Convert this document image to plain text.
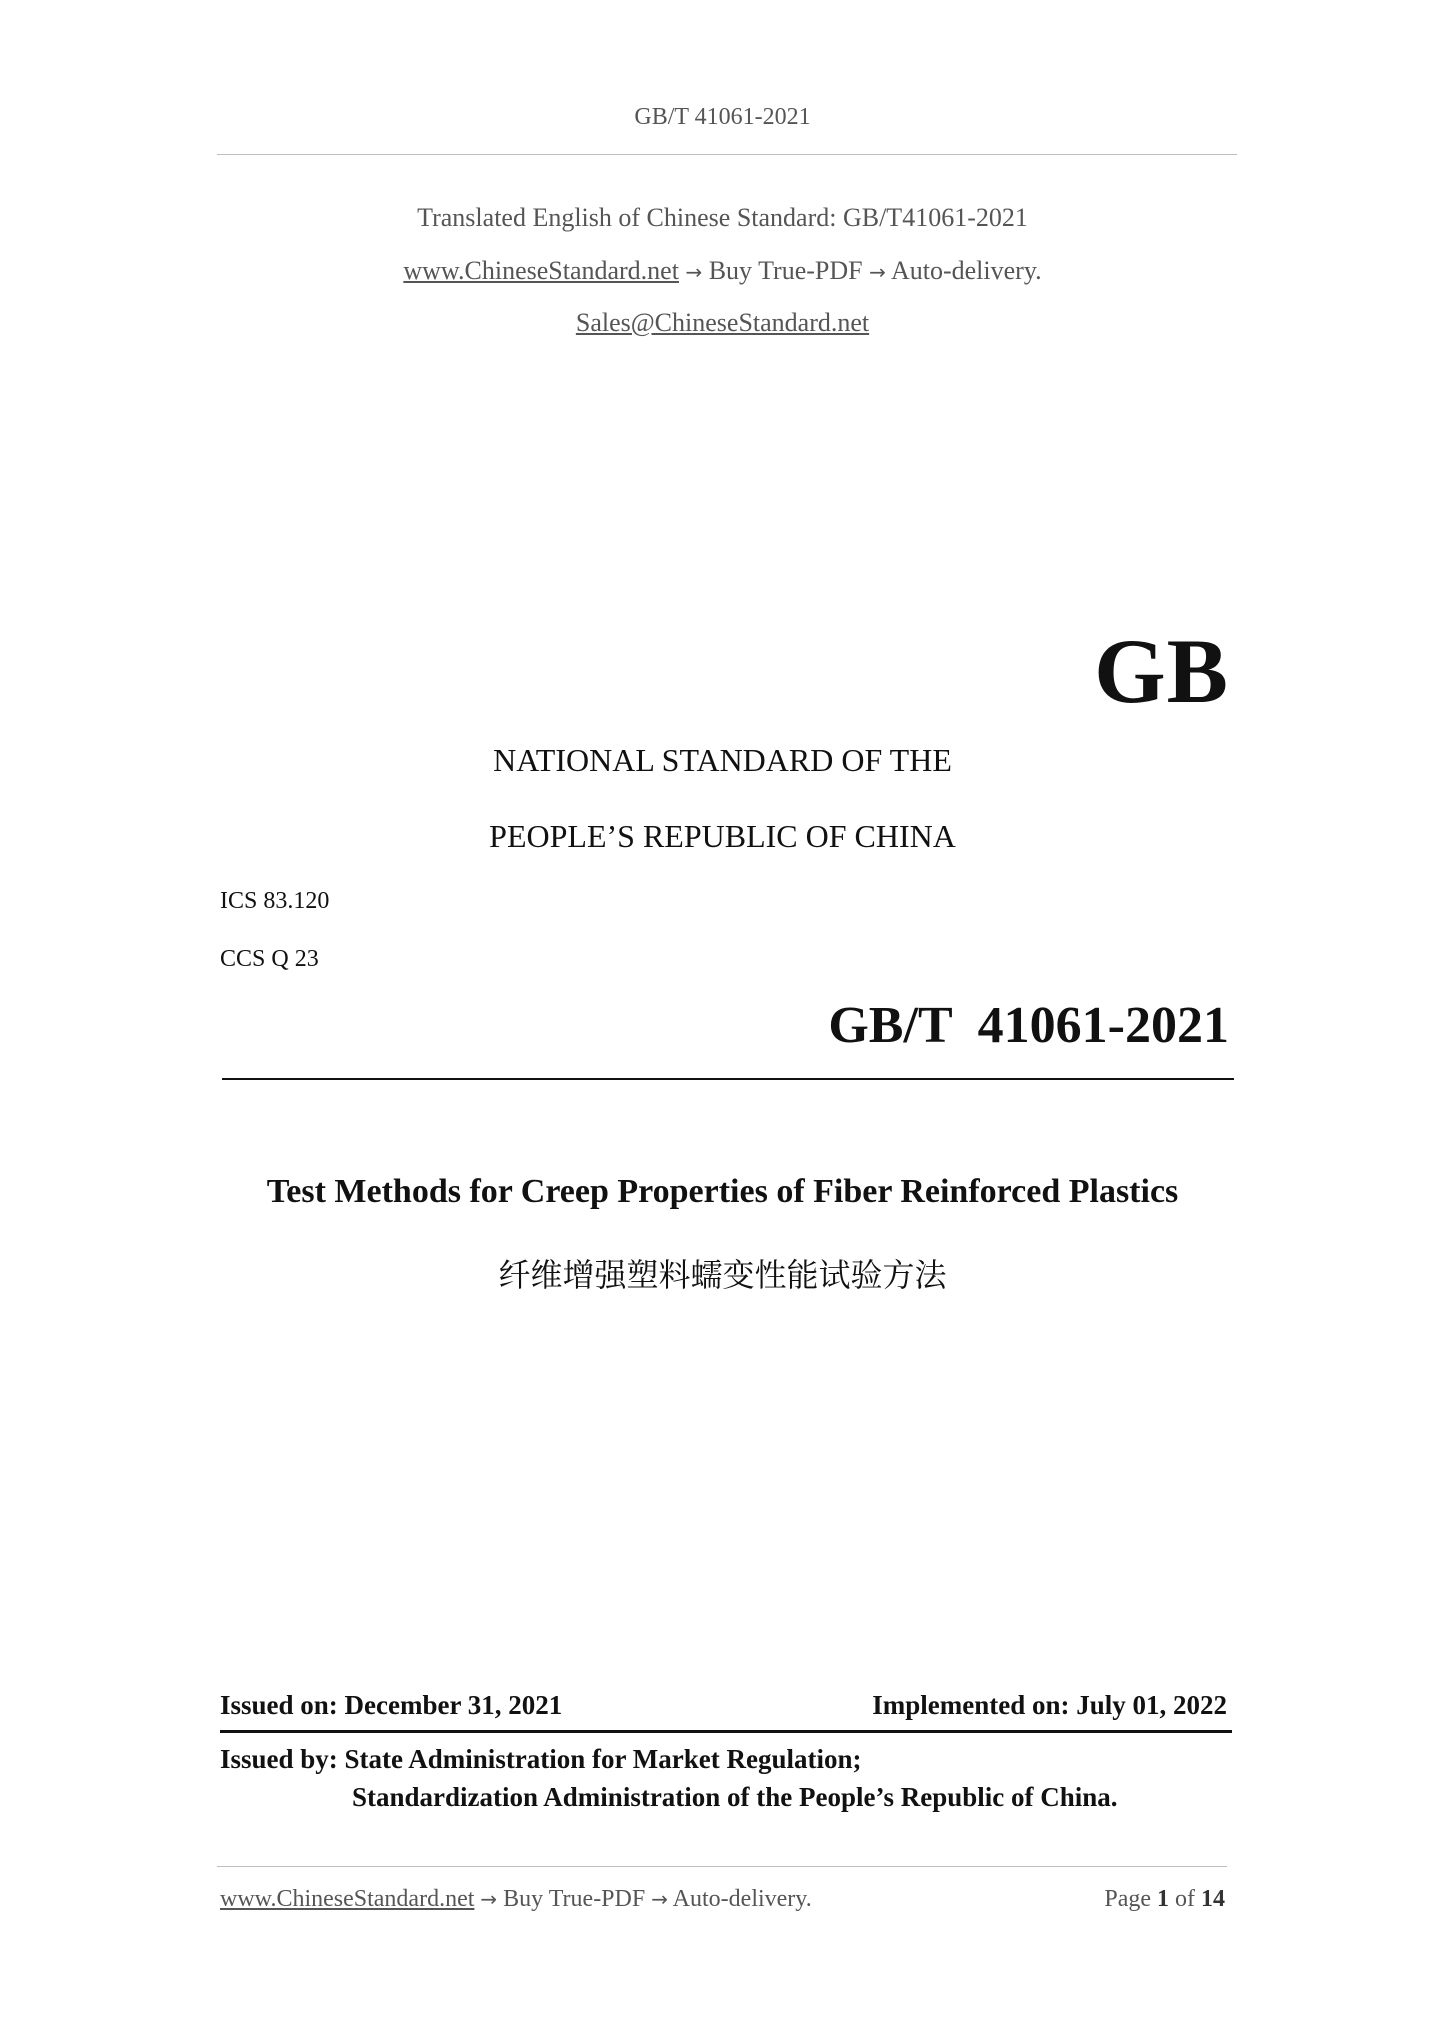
GB/T 41061-2021
Translated English of Chinese Standard: GB/T41061-2021
www.ChineseStandard.net → Buy True-PDF → Auto-delivery.
Sales@ChineseStandard.net
GB
NATIONAL STANDARD OF THE
PEOPLE’S REPUBLIC OF CHINA
ICS 83.120
CCS Q 23
GB/T  41061-2021
Test Methods for Creep Properties of Fiber Reinforced Plastics
纤维增强塑料蠕变性能试验方法
Issued on: December 31, 2021	Implemented on: July 01, 2022
Issued by: State Administration for Market Regulation;
Standardization Administration of the People’s Republic of China.
www.ChineseStandard.net → Buy True-PDF → Auto-delivery.	Page 1 of 14
